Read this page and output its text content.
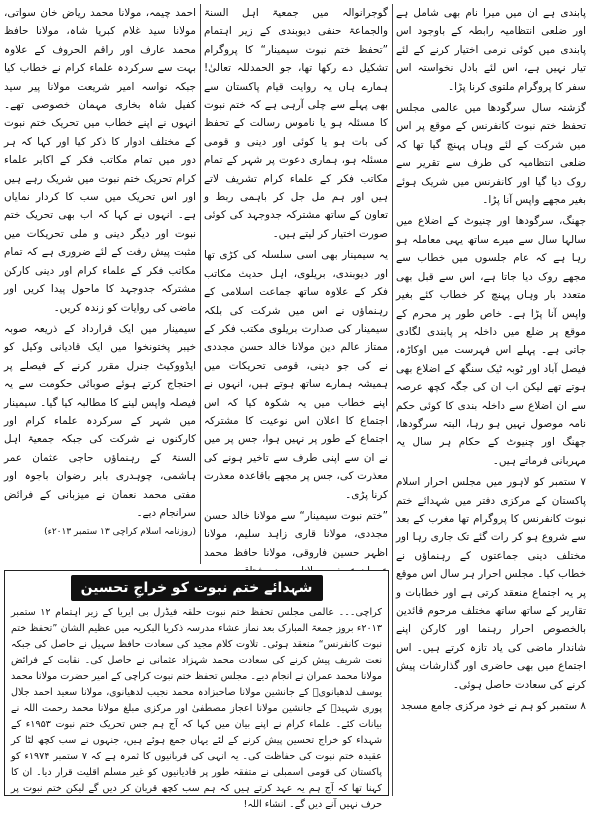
پابندی ہے ان میں میرا نام بھی شامل ہے اور ضلعی انتظامیہ رابطہ کے باوجود اس پابندی میں کوئی نرمی اختیار کرنے کے لئے تیار نہیں ہے، اس لئے بادل نخواستہ اس سفر کا پروگرام ملتوی کرنا پڑا۔

گزشتہ سال سرگودھا میں عالمی مجلس تحفظ ختم نبوت کانفرنس کے موقع پر اس میں شرکت کے لئے وہاں پہنچ گیا تھا کہ ضلعی انتظامیہ کی طرف سے تقریر سے روک دیا گیا اور کانفرنس میں شریک ہوئے بغیر مجھے واپس آنا پڑا۔

جھنگ، سرگودھا اور چنیوٹ کے اضلاع میں سالہا سال سے میرے ساتھ یہی معاملہ ہو رہا ہے کہ عام جلسوں میں خطاب سے مجھے روک دیا جاتا ہے، اس سے قبل بھی متعدد بار وہاں پہنچ کر خطاب کئے بغیر واپس آنا پڑا ہے۔ خاص طور پر محرم کے موقع پر ضلع میں داخلہ پر پابندی لگادی جاتی ہے۔ پہلے اس فہرست میں اوکاڑہ، فیصل آباد اور ٹوبہ ٹیک سنگھ کے اضلاع بھی ہوتے تھے لیکن اب ان کی جگہ کچھ عرصہ سے ان اضلاع سے داخلہ بندی کا کوئی حکم نامہ موصول نہیں ہو رہا، البتہ سرگودھا، جھنگ اور چنیوٹ کے حکام ہر سال یہ مہربانی فرماتے ہیں۔

۷ ستمبر کو لاہور میں مجلس احرار اسلام پاکستان کے مرکزی دفتر میں شہدائے ختم نبوت کانفرنس کا پروگرام تھا مغرب کے بعد سے شروع ہو کر رات گئے تک جاری رہا اور مختلف دینی جماعتوں کے رہنماؤں نے خطاب کیا۔ مجلس احرار ہر سال اس موقع پر یہ اجتماع منعقد کرتی ہے اور خطابات و تقاریر کے ساتھ ساتھ مختلف مرحوم قائدین بالخصوص احرار رہنما اور کارکن اپنے شاندار ماضی کی یاد تازہ کرتے ہیں۔ اس اجتماع میں بھی حاضری اور گذارشات پیش کرنے کی سعادت حاصل ہوئی۔

۸ ستمبر کو ہم نے خود مرکزی جامع مسجد

گوجرانوالہ میں جمعیۃ اہل السنۃ والجماعۃ حنفی دیوبندی کے زیر اہتمام ”تحفظ ختم نبوت سیمینار“ کا پروگرام تشکیل دے رکھا تھا، جو الحمدللہ تعالیٰ! ہمارے ہاں یہ روایت قیام پاکستان سے بھی پہلے سے چلی آرہی ہے کہ ختم نبوت کا مسئلہ ہو یا ناموس رسالت کے تحفظ کی بات ہو یا کوئی اور دینی و قومی مسئلہ ہو، ہماری دعوت پر شہر کے تمام مکاتب فکر کے علماء کرام تشریف لاتے ہیں اور ہم مل جل کر باہمی ربط و تعاون کے ساتھ مشترکہ جدوجہد کی کوئی صورت اختیار کر لیتے ہیں۔

یہ سیمینار بھی اسی سلسلہ کی کڑی تھا اور دیوبندی، بریلوی، اہل حدیث مکاتب فکر کے علاوہ ساتھ جماعت اسلامی کے رہنماؤں نے اس میں شرکت کی بلکہ سیمینار کی صدارت بریلوی مکتب فکر کے ممتاز عالم دین مولانا خالد حسن مجددی نے کی جو دینی، قومی تحریکات میں ہمیشہ ہمارے ساتھ ہوتے ہیں، انہوں نے اپنے خطاب میں یہ شکوہ کیا کہ اس اجتماع کا اعلان اس نوعیت کا مشترکہ اجتماع کے طور پر نہیں ہوا، جس پر میں نے ان سے اپنی طرف سے تاخیر ہونے کی معذرت کی، جس پر مجھے باقاعدہ معذرت کرنا پڑی۔

”ختم نبوت سیمینار“ سے مولانا خالد حسن مجددی، مولانا قاری زاہد سلیم، مولانا اظہر حسین فاروقی، مولانا حافظ محمد

احمد چیمہ، مولانا محمد ریاض خان سواتی، مولانا سید غلام کبریا شاہ، مولانا حافظ محمد عارف اور راقم الحروف کے علاوہ بہت سے سرکردہ علماء کرام نے خطاب کیا جبکہ نواسہ امیر شریعت مولانا پیر سید کفیل شاہ بخاری مہمان خصوصی تھے۔ انہوں نے اپنے خطاب میں تحریک ختم نبوت کے مختلف ادوار کا ذکر کیا اور کہا کہ ہر دور میں تمام مکاتب فکر کے اکابر علماء کرام تحریک ختم نبوت میں شریک رہے ہیں اور اس تحریک میں سب کا کردار نمایاں ہے۔ انہوں نے کہا کہ اب بھی تحریک ختم نبوت اور دیگر دینی و ملی تحریکات میں مثبت پیش رفت کے لئے ضروری ہے کہ تمام مکاتب فکر کے علماء کرام اور دینی کارکن مشترکہ جدوجہد کا ماحول پیدا کریں اور ماضی کی روایات کو زندہ کریں۔

سیمینار میں ایک قرارداد کے ذریعہ صوبہ خیبر پختونخوا میں ایک قادیانی وکیل کو ایڈووکیٹ جنرل مقرر کرنے کے فیصلے پر احتجاج کرتے ہوئے صوبائی حکومت سے یہ فیصلہ واپس لینے کا مطالبہ کیا گیا۔ سیمینار میں شہر کے سرکردہ علماء کرام اور کارکنوں نے شرکت کی جبکہ جمعیۃ اہل السنۃ کے رہنماؤں حاجی عثمان عمر ہاشمی، چوہدری بابر رضوان باجوہ اور مفتی محمد نعمان نے میزبانی کے فرائض سرانجام دیے۔

(روزنامہ اسلام کراچی ۱۳ ستمبر ۲۰۱۳ء)

شہدائے ختم نبوت کو خراجِ تحسین

کراچی۔۔۔ عالمی مجلس تحفظ ختم نبوت حلقہ فیڈرل بی ایریا کے زیر اہتمام ۱۲ ستمبر ۲۰۱۳ء بروز جمعۃ المبارک بعد نماز عشاء مدرسہ ذکریا البکریہ میں عظیم الشان ”تحفظ ختم نبوت کانفرنس“ منعقد ہوئی۔ تلاوت کلام مجید کی سعادت حافظ سہیل نے حاصل کی جبکہ نعت شریف پیش کرنے کی سعادت محمد شہزاد عثمانی نے حاصل کی۔ نقابت کے فرائض مولانا محمد عمران نے انجام دیے۔ مجلس تحفظ ختم نبوت کراچی کے امیر حضرت مولانا محمد یوسف لدھیانویؒ کے جانشین مولانا صاحبزادہ محمد نجیب لدھیانوی، مولانا سعید احمد جلال پوری شہیدؒ کے جانشین مولانا اعجاز مصطفیٰ اور مرکزی مبلغ مولانا محمد رحمت اللہ نے بیانات کئے۔ علماء کرام نے اپنے بیان میں کہا کہ آج ہم جس تحریک ختم نبوت ۱۹۵۳ء کے شہداء کو خراج تحسین پیش کرنے کے لئے یہاں جمع ہوئے ہیں، جنہوں نے سب کچھ لٹا کر عقیدہ ختم نبوت کی حفاظت کی۔ یہ انہی کی قربانیوں کا ثمرہ ہے کہ ۷ ستمبر ۱۹۷۴ء کو پاکستان کی قومی اسمبلی نے متفقہ طور پر قادیانیوں کو غیر مسلم اقلیت قرار دیا۔ ان کا کہنا تھا کہ آج ہم یہ عہد کرتے ہیں کہ ہم سب کچھ قربان کر دیں گے لیکن ختم نبوت پر حرف نہیں آنے دیں گے۔ انشاء اللہ!
